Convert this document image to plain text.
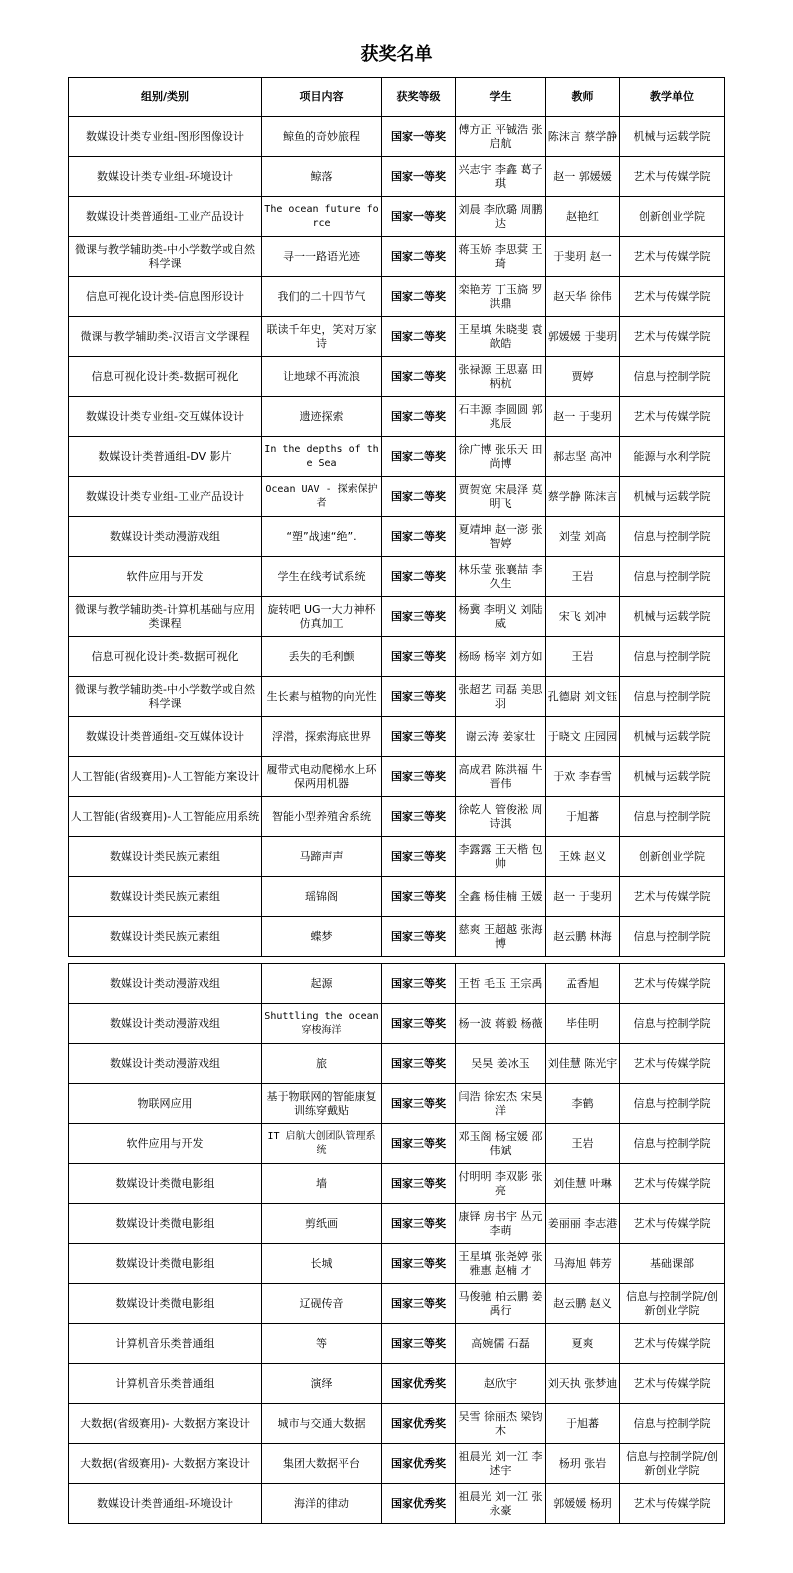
获奖名单
组别/类别	项目内容	获奖等级	学生	教师	教学单位
数媒设计类专业组-图形图像设计	鲸鱼的奇妙旅程	国家一等奖	傅方正 平铖浩 张启航	陈沫言 蔡学静	机械与运载学院
数媒设计类专业组-环境设计	鲸落	国家一等奖	兴志宇 李鑫 葛子琪	赵一 郭媛媛	艺术与传媒学院
数媒设计类普通组-工业产品设计	The ocean future force	国家一等奖	刘晨 李欣璐 周鹏达	赵艳红	创新创业学院
微课与教学辅助类-中小学数学或自然科学课	寻一一路语光迹	国家二等奖	蒋玉娇 李思蓂 王琦	于斐玥 赵一	艺术与传媒学院
信息可视化设计类-信息图形设计	我们的二十四节气	国家二等奖	栾艳芳 丁玉旖 罗洪鼎	赵天华 徐伟	艺术与传媒学院
微课与教学辅助类-汉语言文学课程	联读千年史，笑对万家诗	国家二等奖	王星填 朱晓斐 袁歆皓	郭媛媛 于斐玥	艺术与传媒学院
信息可视化设计类-数据可视化	让地球不再流浪	国家二等奖	张禄源 王思嘉 田柄杭	贾婷	信息与控制学院
数媒设计类专业组-交互媒体设计	遗迹探索	国家二等奖	石丰源 李圆圆 郭兆辰	赵一 于斐玥	艺术与传媒学院
数媒设计类普通组-DV 影片	In the depths of the Sea	国家二等奖	徐广博 张乐天 田尚博	郝志坚 高冲	能源与水利学院
数媒设计类专业组-工业产品设计	Ocean UAV - 探索保护者	国家二等奖	贾贺宽 宋晨泽 莫明飞	蔡学静 陈沫言	机械与运载学院
数媒设计类动漫游戏组	“塑”战速“绝”.	国家二等奖	夏靖坤 赵一澎 张智婷	刘莹 刘高	信息与控制学院
软件应用与开发	学生在线考试系统	国家二等奖	林乐莹 张襄喆 李久生	王岩	信息与控制学院
微课与教学辅助类-计算机基础与应用类课程	旋转吧 UG一大力神杯仿真加工	国家三等奖	杨冀 李明义 刘陆威	宋飞 刘冲	机械与运载学院
信息可视化设计类-数据可视化	丢失的毛利颤	国家三等奖	杨旸 杨宰 刘方如	王岩	信息与控制学院
微课与教学辅助类-中小学数学或自然科学课	生长素与植物的向光性	国家三等奖	张超艺 司磊 美思羽	孔德尉 刘文钰	信息与控制学院
数媒设计类普通组-交互媒体设计	浮潜，探索海底世界	国家三等奖	谢云涛 姜家壮	于晓文 庄园园	机械与运载学院
人工智能(省级赛用)-人工智能方案设计	履带式电动爬梯水上环保两用机器	国家三等奖	高成君 陈洪福 牛晋伟	于欢 李春雪	机械与运载学院
人工智能(省级赛用)-人工智能应用系统	智能小型养殖舍系统	国家三等奖	徐乾人 管俊淞 周诗淇	于旭蕃	信息与控制学院
数媒设计类民族元素组	马蹄声声	国家三等奖	李露露 王天楷 包帅	王姝 赵义	创新创业学院
数媒设计类民族元素组	瑶锦阁	国家三等奖	全鑫 杨佳楠 王媛	赵一 于斐玥	艺术与传媒学院
数媒设计类民族元素组	蝶梦	国家三等奖	慈爽 王超越 张海博	赵云鹏 林海	信息与控制学院
数媒设计类动漫游戏组	起源	国家三等奖	王哲 毛玉 王宗禹	孟香旭	艺术与传媒学院
数媒设计类动漫游戏组	Shuttling the ocean 穿梭海洋	国家三等奖	杨一波 蒋毅 杨薇	毕佳明	信息与控制学院
数媒设计类动漫游戏组	旅	国家三等奖	吴昊 姜冰玉	刘佳慧 陈光宇	艺术与传媒学院
物联网应用	基于物联网的智能康复训练穿戴贴	国家三等奖	闫浩 徐宏杰 宋昊洋	李鹤	信息与控制学院
软件应用与开发	IT 启航大创团队管理系统	国家三等奖	邓玉阁 杨宝媛 邵伟斌	王岩	信息与控制学院
数媒设计类微电影组	墙	国家三等奖	付明明 李双影 张亮	刘佳慧 叶琳	艺术与传媒学院
数媒设计类微电影组	剪纸画	国家三等奖	康铎 房书宇 丛元 李萌	姜丽丽 李志港	艺术与传媒学院
数媒设计类微电影组	长城	国家三等奖	王星填 张尧婷 张雅惠 赵楠 才	马海旭 韩芳	基础课部
数媒设计类微电影组	辽砚传音	国家三等奖	马俊驰 柏云鹏 姜禹行	赵云鹏 赵义	信息与控制学院/创新创业学院
计算机音乐类普通组	等	国家三等奖	高婉儒 石磊	夏爽	艺术与传媒学院
计算机音乐类普通组	演绎	国家优秀奖	赵欣宇	刘天执 张梦迪	艺术与传媒学院
大数据(省级赛用)- 大数据方案设计	城市与交通大数据	国家优秀奖	吴雪 徐丽杰 梁钧木	于旭蕃	信息与控制学院
大数据(省级赛用)- 大数据方案设计	集团大数据平台	国家优秀奖	祖晨光 刘一江 李述宇	杨玥 张岩	信息与控制学院/创新创业学院
数媒设计类普通组-环境设计	海洋的律动	国家优秀奖	祖晨光 刘一江 张永豪	郭媛媛 杨玥	艺术与传媒学院
